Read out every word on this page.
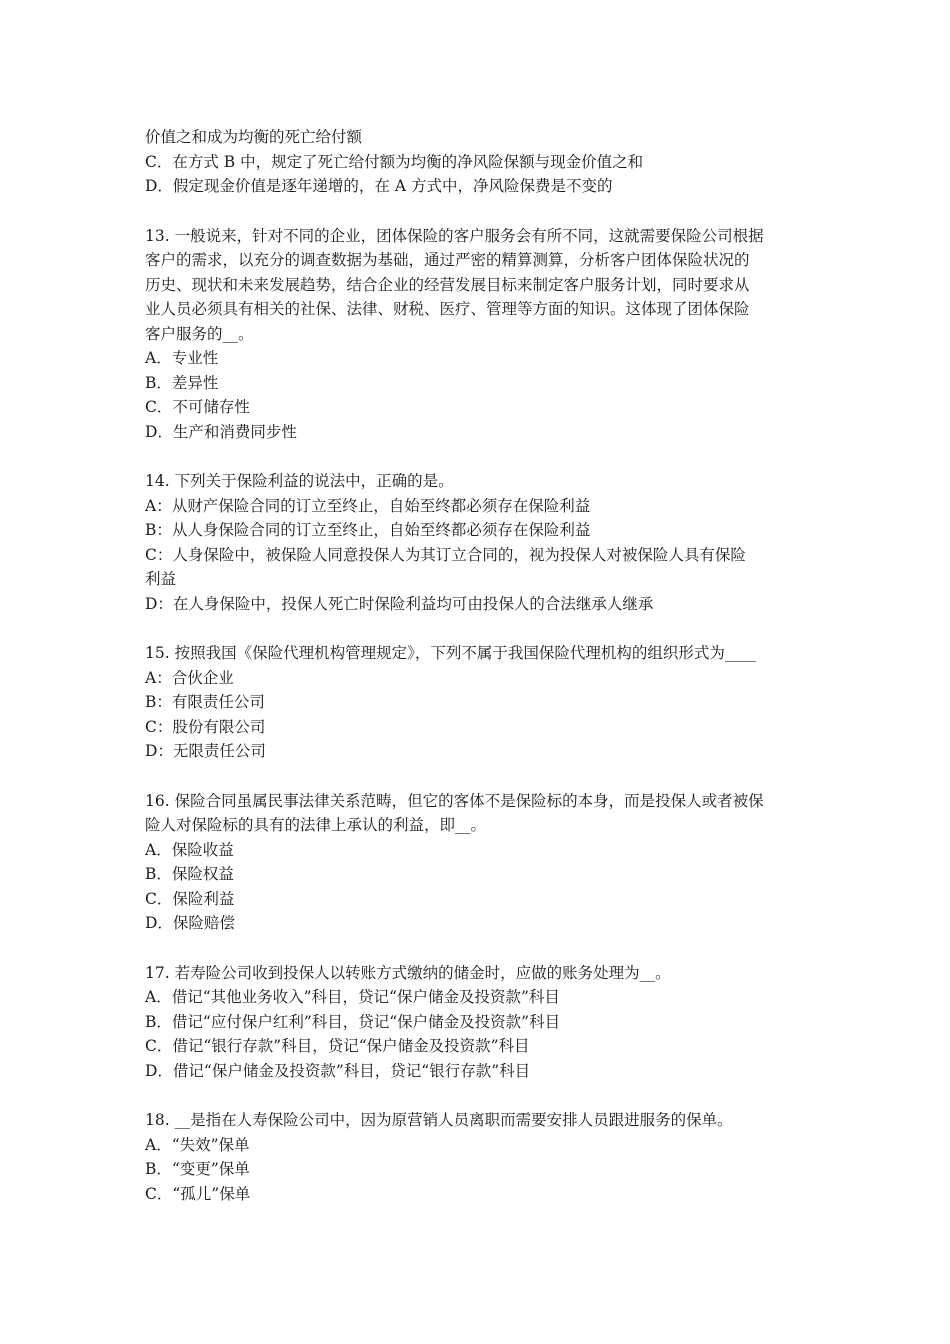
价值之和成为均衡的死亡给付额
C．在方式 B 中，规定了死亡给付额为均衡的净风险保额与现金价值之和
D．假定现金价值是逐年递增的，在 A 方式中，净风险保费是不变的
13. 一般说来，针对不同的企业，团体保险的客户服务会有所不同，这就需要保险公司根据
客户的需求，以充分的调查数据为基础，通过严密的精算测算，分析客户团体保险状况的
历史、现状和未来发展趋势，结合企业的经营发展目标来制定客户服务计划，同时要求从
业人员必须具有相关的社保、法律、财税、医疗、管理等方面的知识。这体现了团体保险
客户服务的__。
A．专业性
B．差异性
C．不可储存性
D．生产和消费同步性
14. 下列关于保险利益的说法中，正确的是。
A：从财产保险合同的订立至终止，自始至终都必须存在保险利益
B：从人身保险合同的订立至终止，自始至终都必须存在保险利益
C：人身保险中，被保险人同意投保人为其订立合同的，视为投保人对被保险人具有保险
利益
D：在人身保险中，投保人死亡时保险利益均可由投保人的合法继承人继承
15. 按照我国《保险代理机构管理规定》，下列不属于我国保险代理机构的组织形式为____
A：合伙企业
B：有限责任公司
C：股份有限公司
D：无限责任公司
16. 保险合同虽属民事法律关系范畴，但它的客体不是保险标的本身，而是投保人或者被保
险人对保险标的具有的法律上承认的利益，即__。
A．保险收益
B．保险权益
C．保险利益
D．保险赔偿
17. 若寿险公司收到投保人以转账方式缴纳的储金时，应做的账务处理为__。
A．借记“其他业务收入”科目，贷记“保户储金及投资款”科目
B．借记“应付保户红利”科目，贷记“保户储金及投资款”科目
C．借记“银行存款”科目，贷记“保户储金及投资款”科目
D．借记“保户储金及投资款”科目，贷记“银行存款”科目
18. __是指在人寿保险公司中，因为原营销人员离职而需要安排人员跟进服务的保单。
A．“失效”保单
B．“变更”保单
C．“孤儿”保单
